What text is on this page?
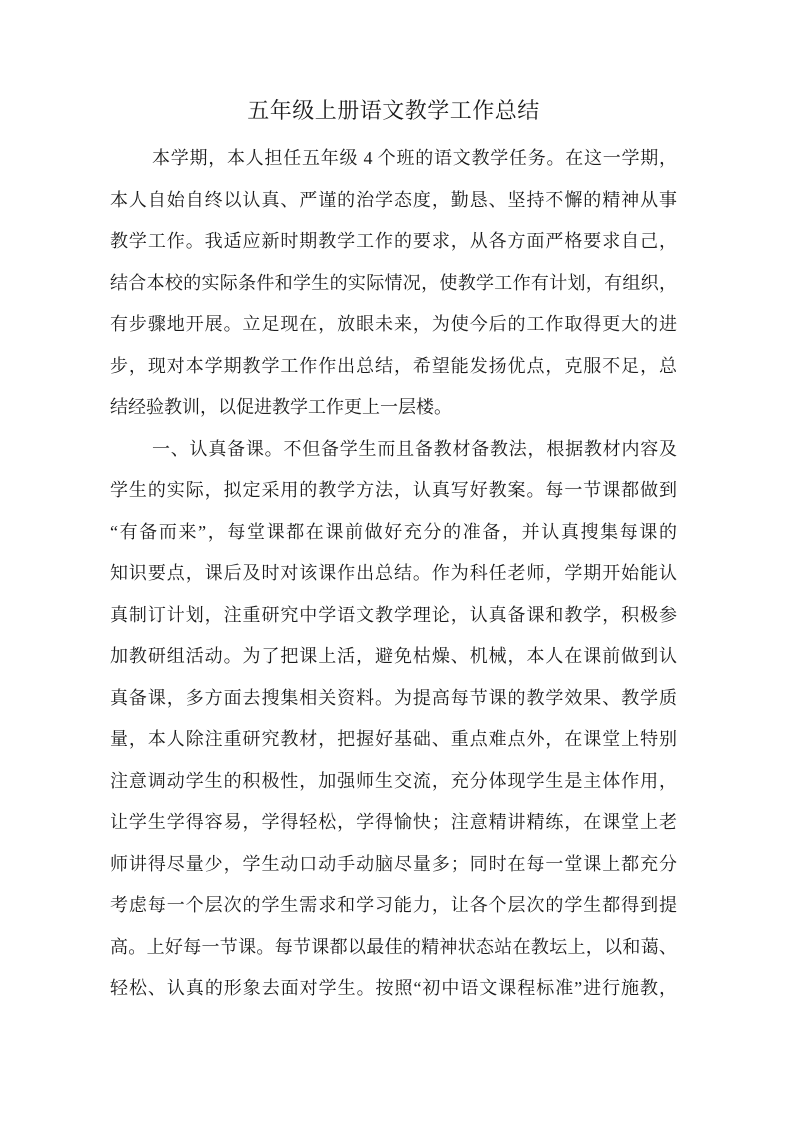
五年级上册语文教学工作总结
本学期，本人担任五年级 4 个班的语文教学任务。在这一学期，
本人自始自终以认真、严谨的治学态度，勤恳、坚持不懈的精神从事
教学工作。我适应新时期教学工作的要求，从各方面严格要求自己，
结合本校的实际条件和学生的实际情况，使教学工作有计划，有组织，
有步骤地开展。立足现在，放眼未来，为使今后的工作取得更大的进
步，现对本学期教学工作作出总结，希望能发扬优点，克服不足，总
结经验教训，以促进教学工作更上一层楼。
一、认真备课。不但备学生而且备教材备教法，根据教材内容及
学生的实际，拟定采用的教学方法，认真写好教案。每一节课都做到
“有备而来”，每堂课都在课前做好充分的准备，并认真搜集每课的
知识要点，课后及时对该课作出总结。作为科任老师，学期开始能认
真制订计划，注重研究中学语文教学理论，认真备课和教学，积极参
加教研组活动。为了把课上活，避免枯燥、机械，本人在课前做到认
真备课，多方面去搜集相关资料。为提高每节课的教学效果、教学质
量，本人除注重研究教材，把握好基础、重点难点外，在课堂上特别
注意调动学生的积极性，加强师生交流，充分体现学生是主体作用，
让学生学得容易，学得轻松，学得愉快；注意精讲精练，在课堂上老
师讲得尽量少，学生动口动手动脑尽量多；同时在每一堂课上都充分
考虑每一个层次的学生需求和学习能力，让各个层次的学生都得到提
高。上好每一节课。每节课都以最佳的精神状态站在教坛上，以和蔼、
轻松、认真的形象去面对学生。按照“初中语文课程标准”进行施教，
